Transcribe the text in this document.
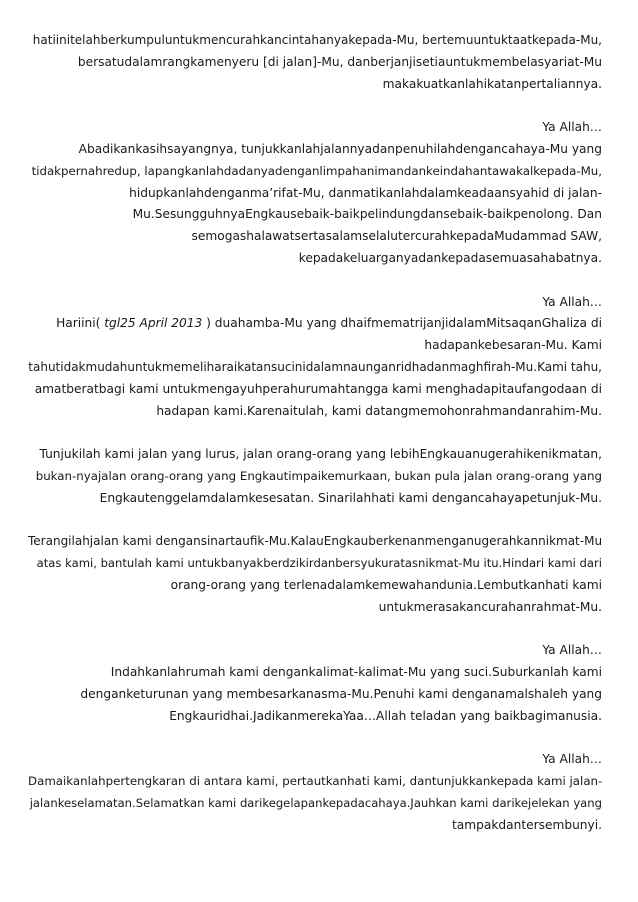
hatiinitelahberkumpuluntukmencurahkancintahanyakepada-Mu, bertemuuntuktaatkepada-Mu,
bersatudalamrangkamenyeru [di jalan]-Mu, danberjanjisetiauntukmembelasyariat-Mu
makakuatkanlahikatanpertaliannya.

Ya Allah…
Abadikankasihsayangnya, tunjukkanlahjalannyadanpenuhilahdengancahaya-Mu yang
tidakpernahredup, lapangkanlahdadanyadenganlimpahanimandankeindahantawakalkepada-Mu,
hidupkanlahdenganma’rifat-Mu, danmatikanlahdalamkeadaansyahid di jalan-
Mu.SesungguhnyaEngkausebaik-baikpelindungdansebaik-baikpenolong. Dan
semogashalawatsertasalamselalutercurahkepadaMudammad SAW,
kepadakeluarganyadankepadasemuasahabatnya.

Ya Allah…
Hariini( tgl25 April 2013 ) duahamba-Mu yang dhaifmematrijanjidalamMitsaqanGhaliza di
hadapankebesaran-Mu. Kami
tahutidakmudahuntukmemeliharaikatansucinidalamnaunganridhadanmaghfirah-Mu.Kami tahu,
amatberatbagi kami untukmengayuhperahurumahtangga kami menghadapitaufangodaan di
hadapan kami.Karenaitulah, kami datangmemohonrahmandanrahim-Mu.

Tunjukilah kami jalan yang lurus, jalan orang-orang yang lebihEngkauanugerahikenikmatan,
bukan-nyajalan orang-orang yang Engkautimpaikemurkaan, bukan pula jalan orang-orang yang
Engkautenggelamdalamkesesatan. Sinarilahhati kami dengancahayapetunjuk-Mu.

Terangilahjalan kami dengansinartaufik-Mu.KalauEngkauberkenanmenganugerahkannikmat-Mu
atas kami, bantulah kami untukbanyakberdzikirdanbersyukuratasnikmat-Mu itu.Hindari kami dari
orang-orang yang terlenadalamkemewahandunia.Lembutkanhati kami
untukmerasakancurahanrahmat-Mu.

Ya Allah…
Indahkanlahrumah kami dengankalimat-kalimat-Mu yang suci.Suburkanlah kami
denganketurunan yang membesarkanasma-Mu.Penuhi kami denganamalshaleh yang
Engkauridhai.JadikanmerekaYaa…Allah teladan yang baikbagimanusia.

Ya Allah…
Damaikanlahpertengkaran di antara kami, pertautkanhati kami, dantunjukkankepada kami jalan-
jalankeselamatan.Selamatkan kami darikegelapankepadacahaya.Jauhkan kami darikejelekan yang
tampakdantersembunyi.
